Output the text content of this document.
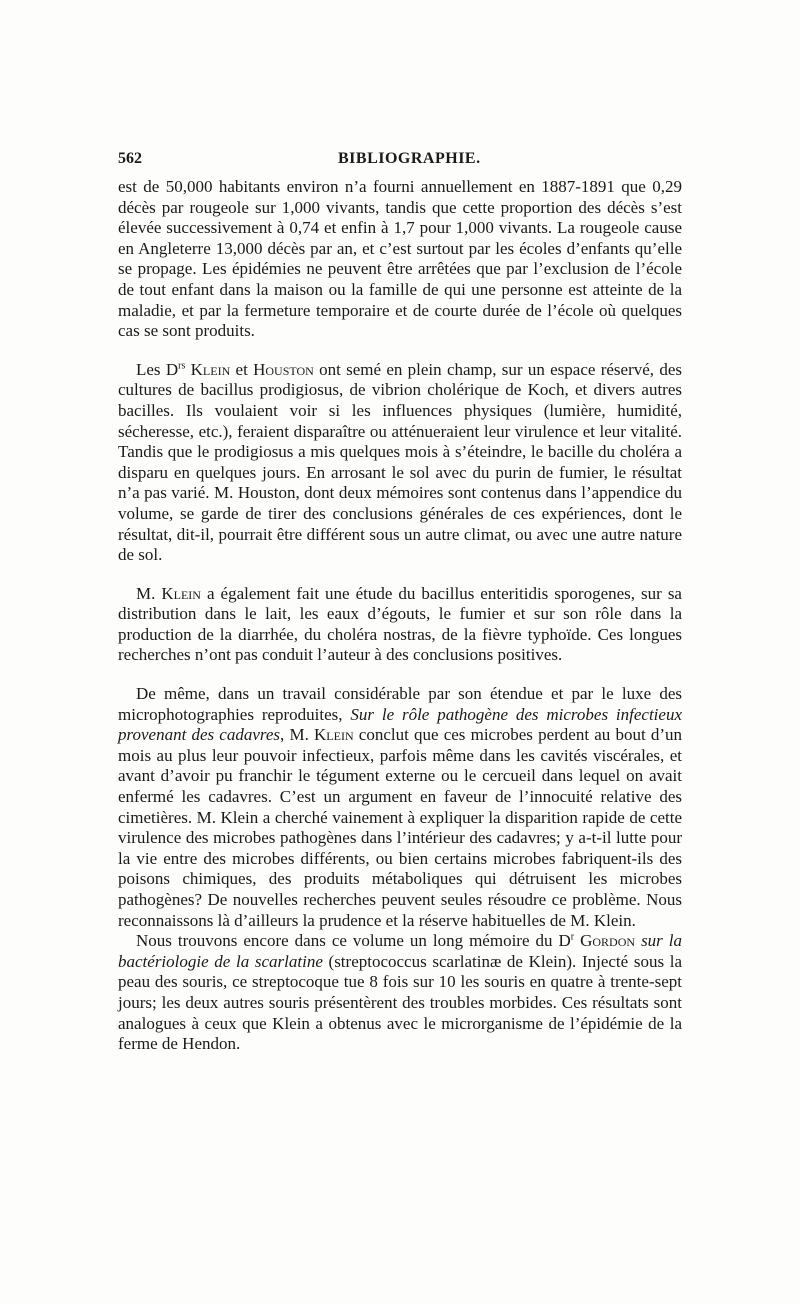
562	BIBLIOGRAPHIE.

est de 50,000 habitants environ n’a fourni annuellement en 1887-1891 que 0,29 décès par rougeole sur 1,000 vivants, tandis que cette proportion des décès s’est élevée successivement à 0,74 et enfin à 1,7 pour 1,000 vivants. La rougeole cause en Angleterre 13,000 décès par an, et c’est surtout par les écoles d’enfants qu’elle se propage. Les épidémies ne peuvent être arrêtées que par l’exclusion de l’école de tout enfant dans la maison ou la famille de qui une personne est atteinte de la maladie, et par la fermeture temporaire et de courte durée de l’école où quelques cas se sont produits.

Les $D^{rs}$ Klein et Houston ont semé en plein champ, sur un espace réservé, des cultures de bacillus prodigiosus, de vibrion cholérique de Koch, et divers autres bacilles. Ils voulaient voir si les influences physiques (lumière, humidité, sécheresse, etc.), feraient disparaître ou atténueraient leur virulence et leur vitalité. Tandis que le prodigiosus a mis quelques mois à s’éteindre, le bacille du choléra a disparu en quelques jours. En arrosant le sol avec du purin de fumier, le résultat n’a pas varié. M. Houston, dont deux mémoires sont contenus dans l’appendice du volume, se garde de tirer des conclusions générales de ces expériences, dont le résultat, dit-il, pourrait être différent sous un autre climat, ou avec une autre nature de sol.

M. Klein a également fait une étude du bacillus enteritidis sporogenes, sur sa distribution dans le lait, les eaux d’égouts, le fumier et sur son rôle dans la production de la diarrhée, du choléra nostras, de la fièvre typhoïde. Ces longues recherches n’ont pas conduit l’auteur à des conclusions positives.

De même, dans un travail considérable par son étendue et par le luxe des microphotographies reproduites, Sur le rôle pathogène des microbes infectieux provenant des cadavres, M. Klein conclut que ces microbes perdent au bout d’un mois au plus leur pouvoir infectieux, parfois même dans les cavités viscérales, et avant d’avoir pu franchir le tégument externe ou le cercueil dans lequel on avait enfermé les cadavres. C’est un argument en faveur de l’innocuité relative des cimetières. M. Klein a cherché vainement à expliquer la disparition rapide de cette virulence des microbes pathogènes dans l’intérieur des cadavres; y a-t-il lutte pour la vie entre des microbes différents, ou bien certains microbes fabriquent-ils des poisons chimiques, des produits métaboliques qui détruisent les microbes pathogènes? De nouvelles recherches peuvent seules résoudre ce problème. Nous reconnaissons là d’ailleurs la prudence et la réserve habituelles de M. Klein.

Nous trouvons encore dans ce volume un long mémoire du $D^r$ Gordon sur la bactériologie de la scarlatine (streptococcus scarlatinæ de Klein). Injecté sous la peau des souris, ce streptocoque tue 8 fois sur 10 les souris en quatre à trente-sept jours; les deux autres souris présentèrent des troubles morbides. Ces résultats sont analogues à ceux que Klein a obtenus avec le microrganisme de l’épidémie de la ferme de Hendon.
